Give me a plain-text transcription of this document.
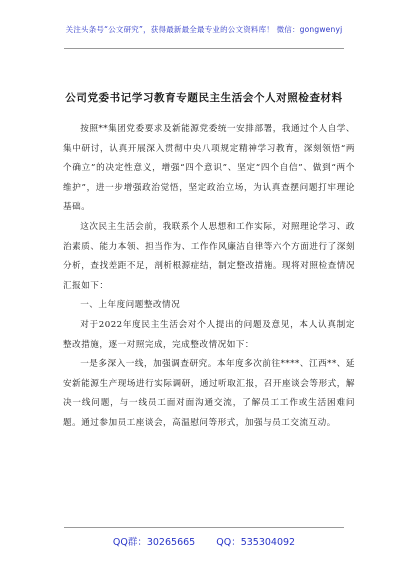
关注头条号“公文研究”，获得最新最全最专业的公文资料库！ 微信：gongwenyj
公司党委书记学习教育专题民主生活会个人对照检查材料

按照**集团党委要求及新能源党委统一安排部署，我通过个人自学、集中研讨，认真开展深入贯彻中央八项规定精神学习教育，深刻领悟“两个确立”的决定性意义，增强“四个意识”、坚定“四个自信”、做到“两个维护”，进一步增强政治觉悟，坚定政治立场，为认真查摆问题打牢理论基础。

这次民主生活会前，我联系个人思想和工作实际，对照理论学习、政治素质、能力本领、担当作为、工作作风廉洁自律等六个方面进行了深刻分析，查找差距不足，剖析根源症结，制定整改措施。现将对照检查情况汇报如下：

一、上年度问题整改情况

对于2022年度民主生活会对个人提出的问题及意见，本人认真制定整改措施，逐一对照完成，完成整改情况如下：

一是多深入一线，加强调查研究。本年度多次前往****、江西**、延安新能源生产现场进行实际调研，通过听取汇报，召开座谈会等形式，解决一线问题，与一线员工面对面沟通交流，了解员工工作或生活困难问题。通过参加员工座谈会，高温慰问等形式，加强与员工交流互动。

QQ群：30265665 QQ：535304092
